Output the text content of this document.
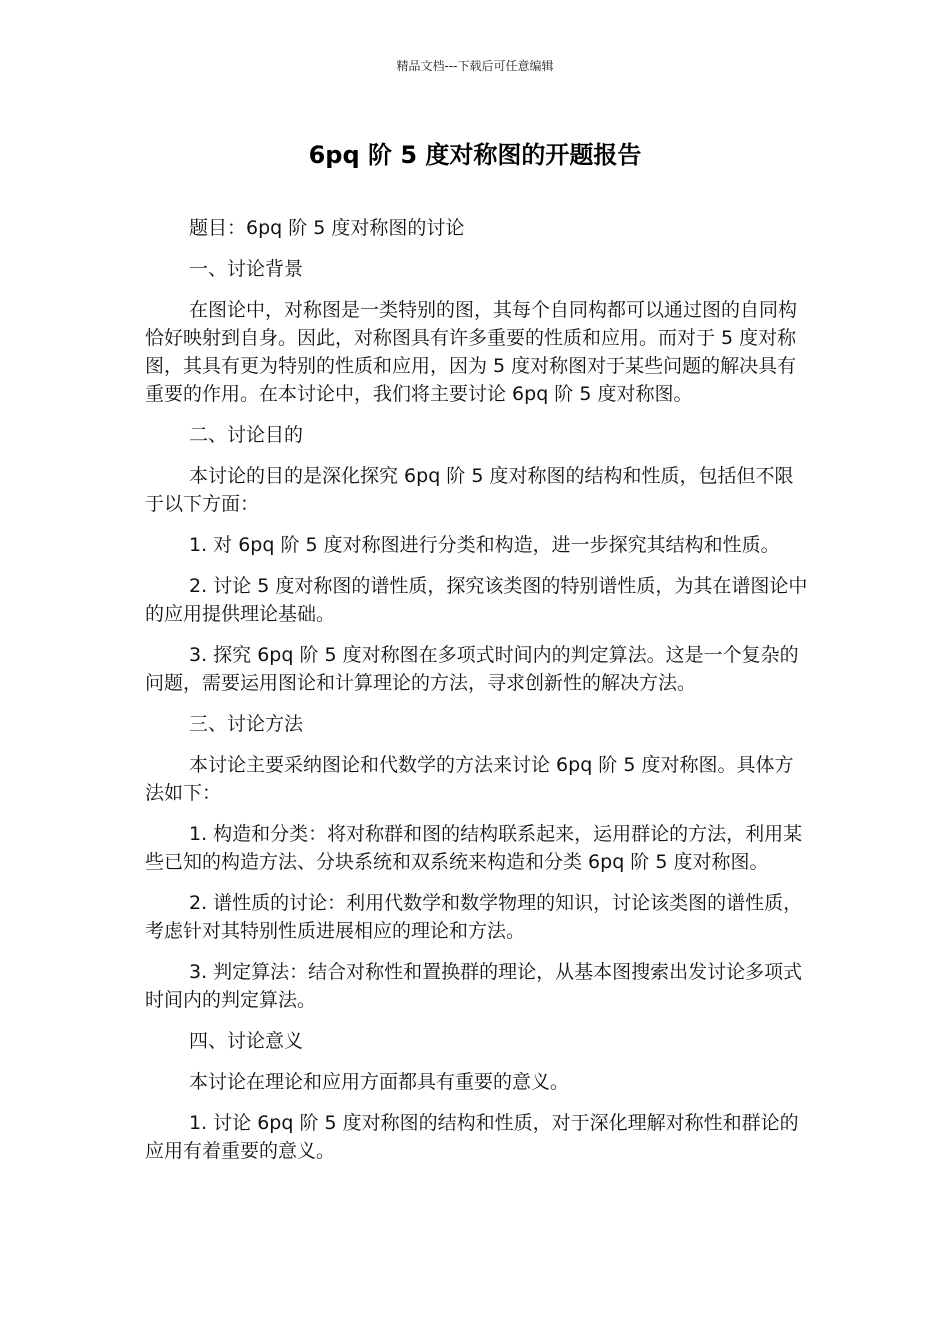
精品文档---下载后可任意编辑
6pq 阶 5 度对称图的开题报告

题目：6pq 阶 5 度对称图的讨论

一、讨论背景

在图论中，对称图是一类特别的图，其每个自同构都可以通过图的自同构恰好映射到自身。因此，对称图具有许多重要的性质和应用。而对于 5 度对称图，其具有更为特别的性质和应用，因为 5 度对称图对于某些问题的解决具有重要的作用。在本讨论中，我们将主要讨论 6pq 阶 5 度对称图。

二、讨论目的

本讨论的目的是深化探究 6pq 阶 5 度对称图的结构和性质，包括但不限于以下方面：

1. 对 6pq 阶 5 度对称图进行分类和构造，进一步探究其结构和性质。

2. 讨论 5 度对称图的谱性质，探究该类图的特别谱性质，为其在谱图论中的应用提供理论基础。

3. 探究 6pq 阶 5 度对称图在多项式时间内的判定算法。这是一个复杂的问题，需要运用图论和计算理论的方法，寻求创新性的解决方法。

三、讨论方法

本讨论主要采纳图论和代数学的方法来讨论 6pq 阶 5 度对称图。具体方法如下：

1. 构造和分类：将对称群和图的结构联系起来，运用群论的方法，利用某些已知的构造方法、分块系统和双系统来构造和分类 6pq 阶 5 度对称图。

2. 谱性质的讨论：利用代数学和数学物理的知识，讨论该类图的谱性质，考虑针对其特别性质进展相应的理论和方法。

3. 判定算法：结合对称性和置换群的理论，从基本图搜索出发讨论多项式时间内的判定算法。

四、讨论意义

本讨论在理论和应用方面都具有重要的意义。

1. 讨论 6pq 阶 5 度对称图的结构和性质，对于深化理解对称性和群论的应用有着重要的意义。
